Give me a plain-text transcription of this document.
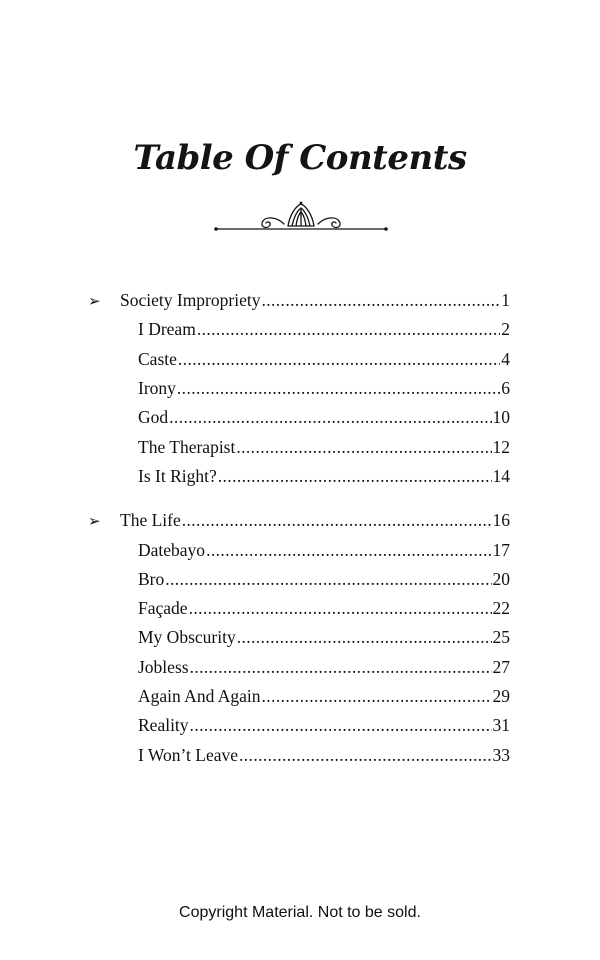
Table Of Contents
➢ Society Impropriety .....	1
I Dream .....	2
Caste .....	4
Irony .....	6
God .....	10
The Therapist .....	12
Is It Right? .....	14
➢ The Life .....	16
Datebayo .....	17
Bro .....	20
Façade .....	22
My Obscurity .....	25
Jobless .....	27
Again And Again .....	29
Reality .....	31
I Won’t Leave .....	33
Copyright Material. Not to be sold.
